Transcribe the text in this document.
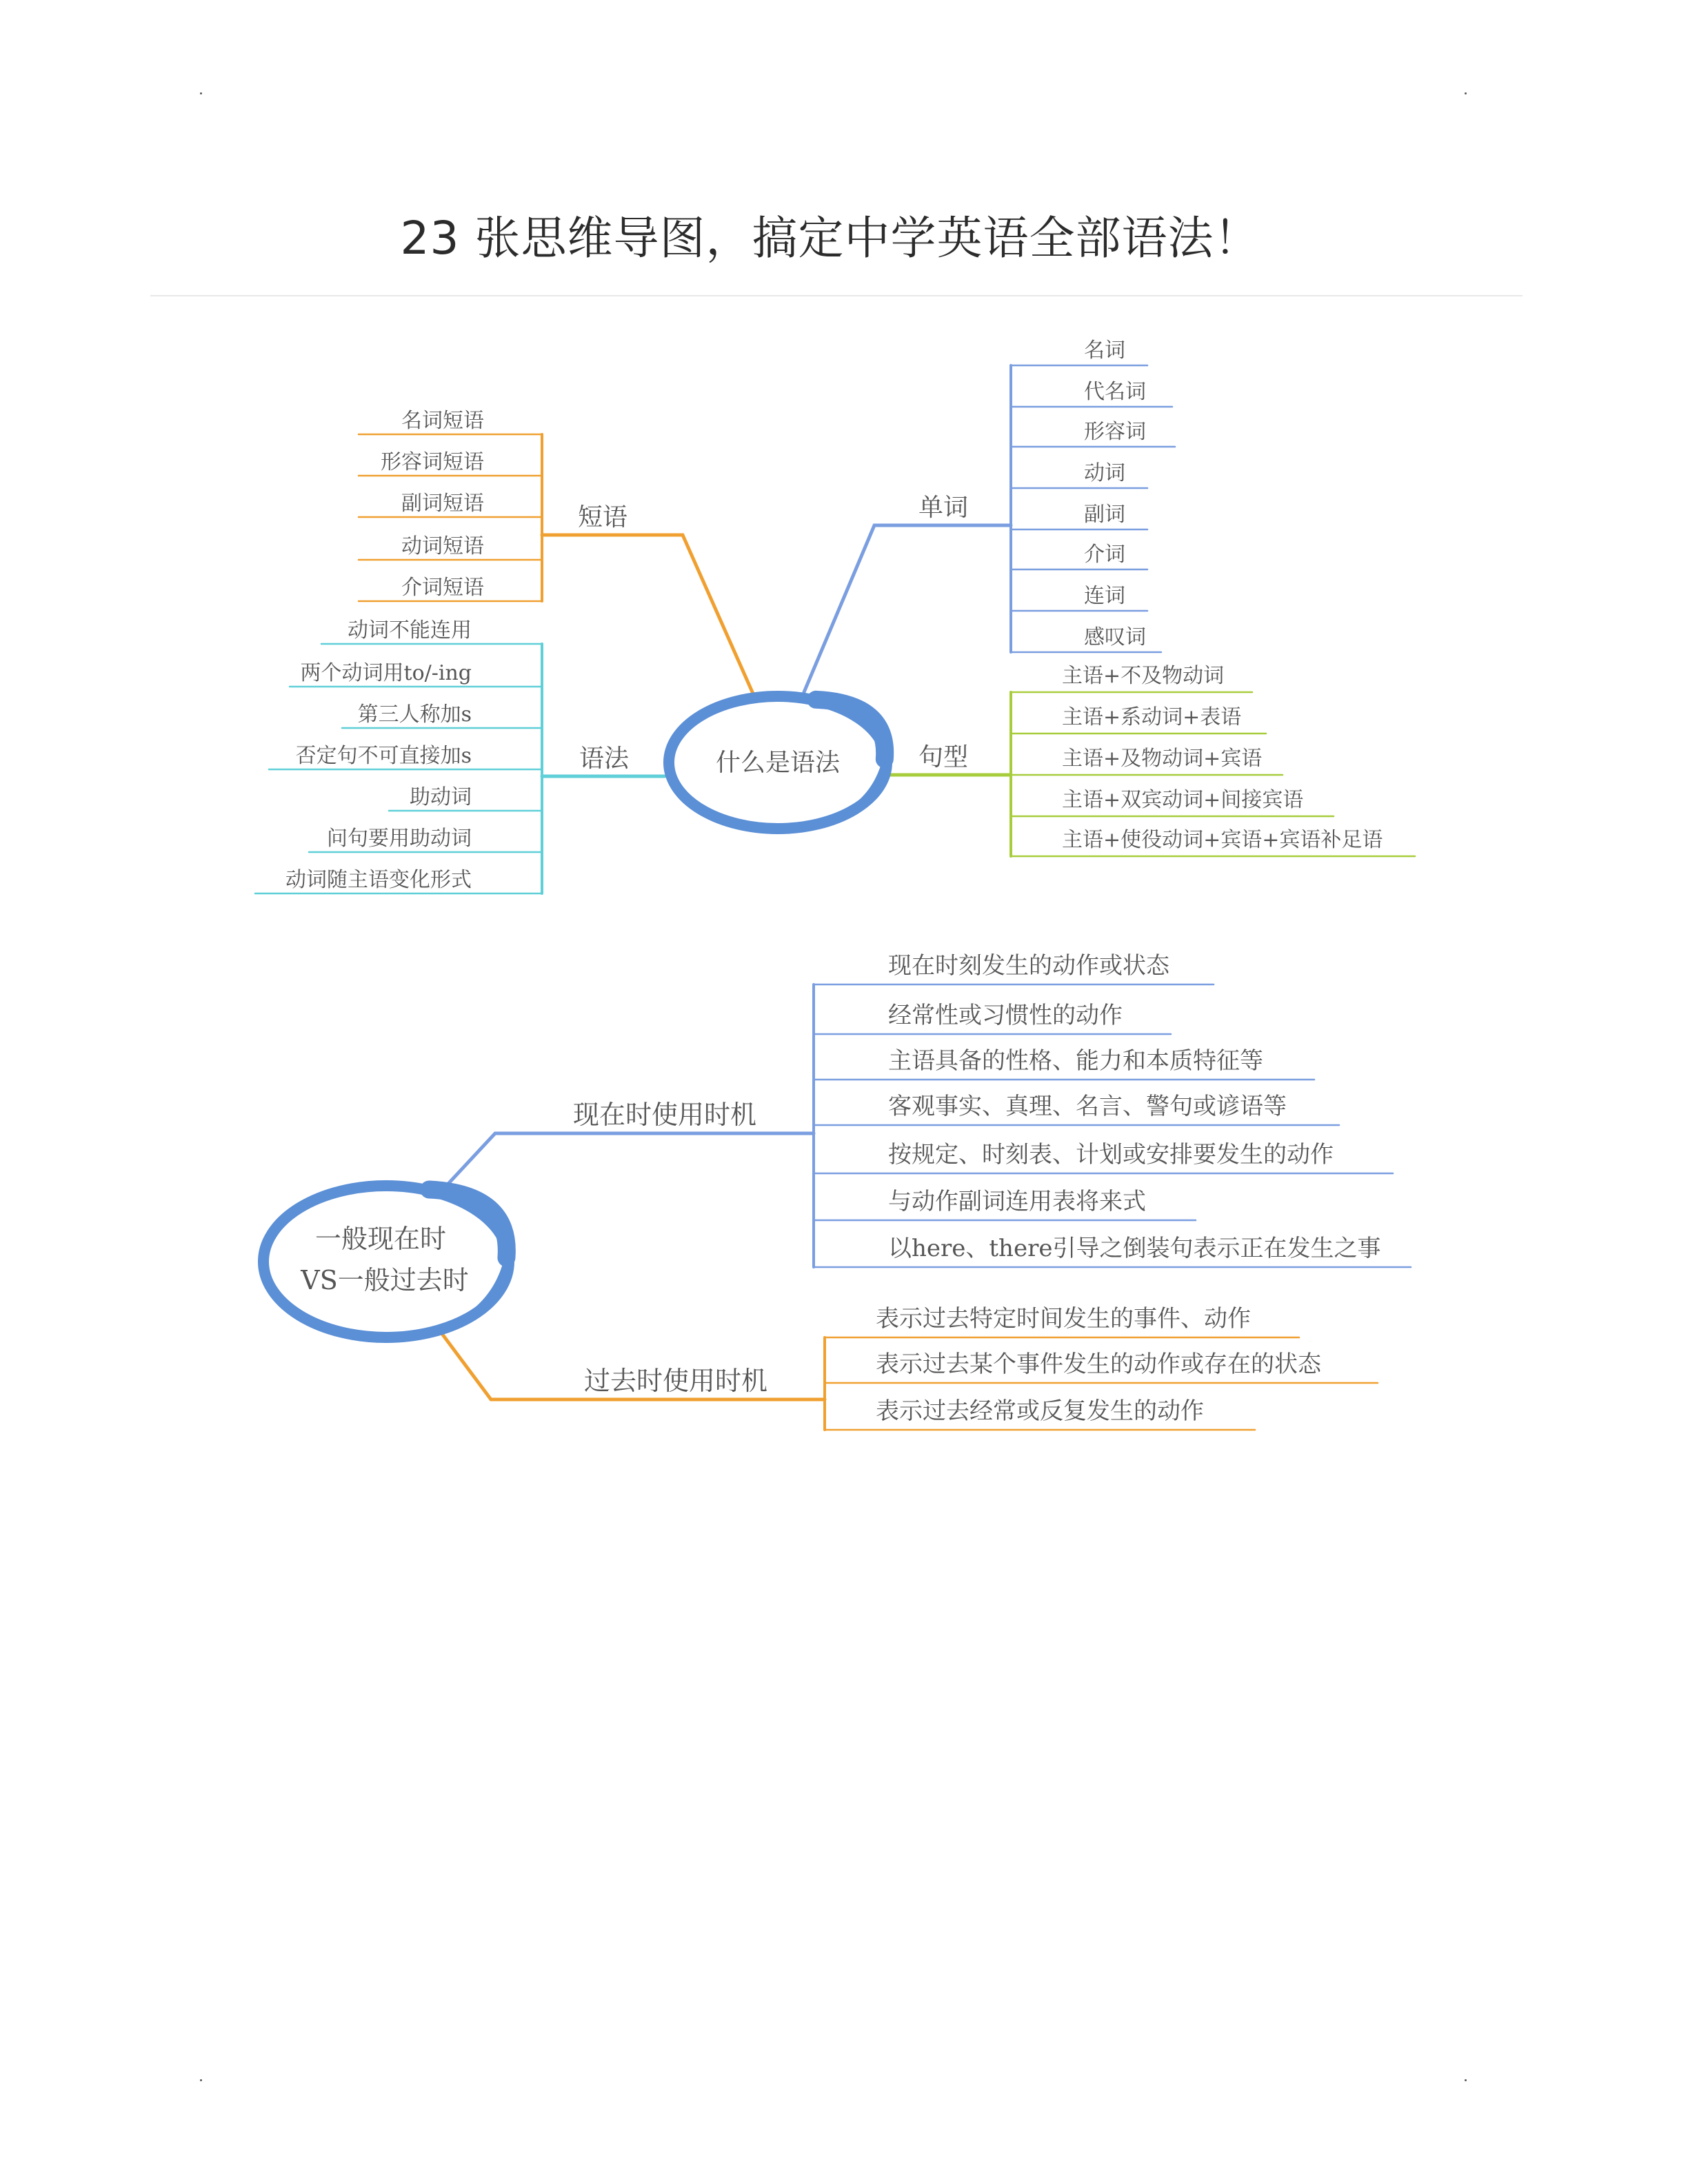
23 张思维导图，搞定中学英语全部语法！
什么是语法
短语
名词短语
形容词短语
副词短语
动词短语
介词短语
语法
动词不能连用
两个动词用to/-ing
第三人称加s
否定句不可直接加s
助动词
问句要用助动词
动词随主语变化形式
单词
名词
代名词
形容词
动词
副词
介词
连词
感叹词
句型
主语+不及物动词
主语+系动词+表语
主语+及物动词+宾语
主语+双宾动词+间接宾语
主语+使役动词+宾语+宾语补足语
一般现在时
VS一般过去时
现在时使用时机
现在时刻发生的动作或状态
经常性或习惯性的动作
主语具备的性格、能力和本质特征等
客观事实、真理、名言、警句或谚语等
按规定、时刻表、计划或安排要发生的动作
与动作副词连用表将来式
以here、there引导之倒装句表示正在发生之事
过去时使用时机
表示过去特定时间发生的事件、动作
表示过去某个事件发生的动作或存在的状态
表示过去经常或反复发生的动作
